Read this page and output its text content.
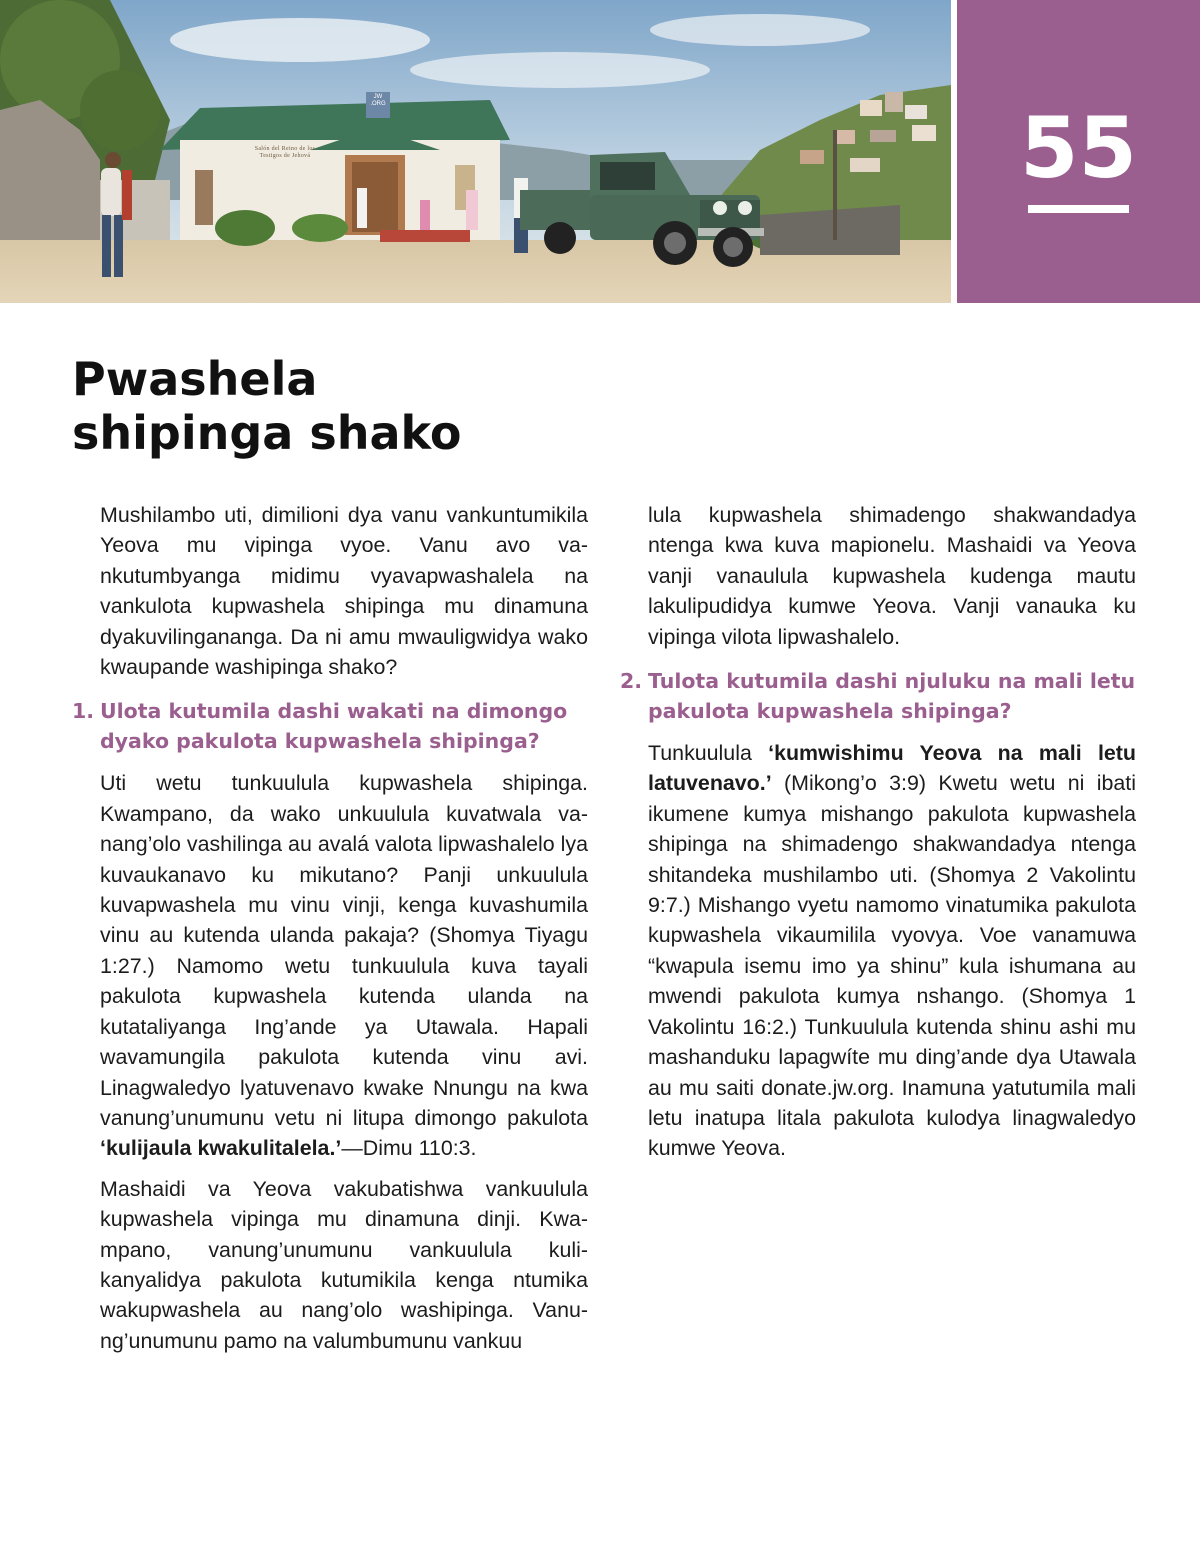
Salón del Reino de los Testigos de Jehová
JW
.ORG	55
Pwashela
shipinga shako

Mushilambo uti, dimilioni dya vanu vankuntumikila Yeova mu vipinga vyoe. Vanu avo vankutumbyanga midimu vyavapwashalela na vankulota kupwashela shipinga mu dinamuna dyakuvilingananga. Da ni amu mwauligwidya wako kwaupande washipinga shako?

1. Ulota kutumila dashi wakati na dimongo dyako pakulota kupwashela shipinga?

Uti wetu tunkuulula kupwashela shipinga. Kwampano, da wako unkuulula kuvatwala vanang’olo vashilinga au avalá valota lipwashalelo lya kuvaukanavo ku mikutano? Panji unkuulula kuvapwashela mu vinu vinji, kenga kuvashumila vinu au kutenda ulanda pakaja? (Shomya Tiyagu 1:27.) Namomo wetu tunkuulula kuva tayali pakulota kupwashela kutenda ulanda na kutataliyanga Ing’ande ya Utawala. Hapali wavamungila pakulota kutenda vinu avi. Linagwaledyo lyatuvenavo kwake Nnungu na kwa vanung’unumunu vetu ni litupa dimongo pakulota ‘kulijaula kwakulitalela.’—Dimu 110:3.

Mashaidi va Yeova vakubatishwa vankuulula kupwashela vipinga mu dinamuna dinji. Kwampano, vanung’unumunu vankuulula kulikanyalidya pakulota kutumikila kenga ntumika wakupwashela au nang’olo washipinga. Vanung’unumunu pamo na valumbumunu vankuu

lula kupwashela shimadengo shakwandadya ntenga kwa kuva mapionelu. Mashaidi va Yeova vanji vanaulula kupwashela kudenga mautu lakulipudidya kumwe Yeova. Vanji vanauka ku vipinga vilota lipwashalelo.

2. Tulota kutumila dashi njuluku na mali letu pakulota kupwashela shipinga?

Tunkuulula ‘kumwishimu Yeova na mali letu latuvenavo.’ (Mikong’o 3:9) Kwetu wetu ni ibati ikumene kumya mishango pakulota kupwashela shipinga na shimadengo shakwandadya ntenga shitandeka mushilambo uti. (Shomya 2 Vakolintu 9:7.) Mishango vyetu namomo vinatumika pakulota kupwashela vikaumilila vyovya. Voe vanamuwa “kwapula isemu imo ya shinu” kula ishumana au mwendi pakulota kumya nshango. (Shomya 1 Vakolintu 16:2.) Tunkuulula kutenda shinu ashi mu mashanduku lapagwíte mu ding’ande dya Utawala au mu saiti donate.jw.org. Inamuna yatutumila mali letu inatupa litala pakulota kulodya linagwaledyo kumwe Yeova.
